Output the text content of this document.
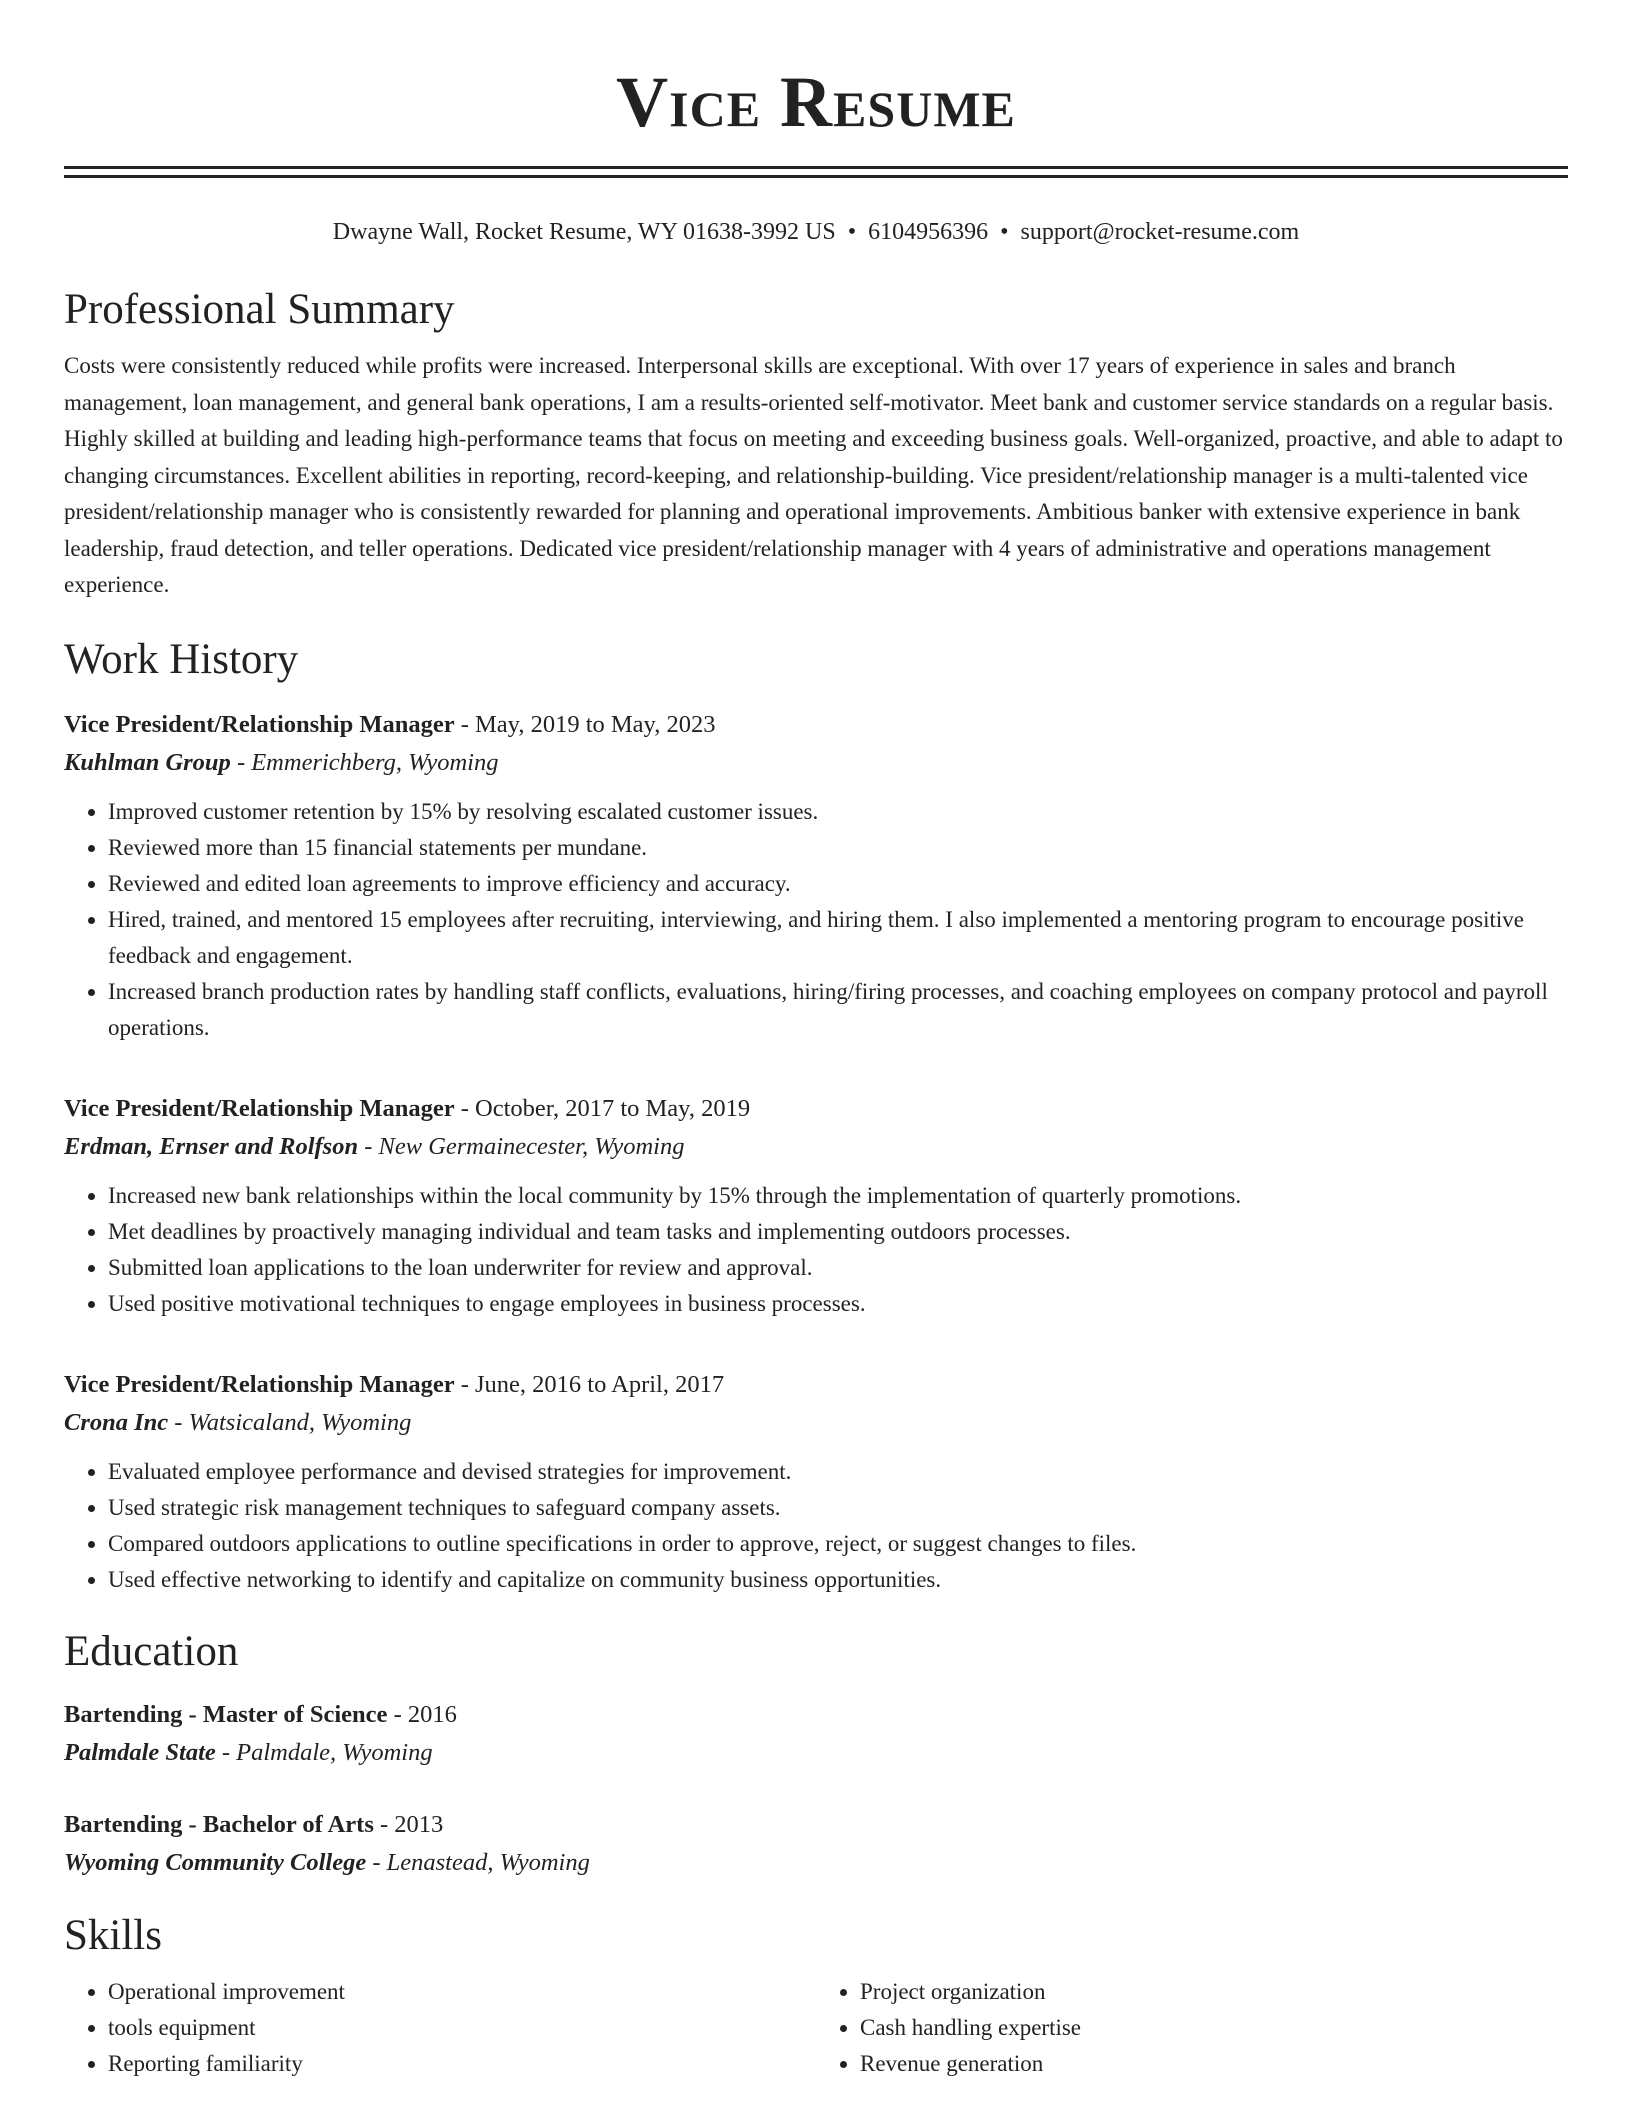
Vice Resume
Dwayne Wall, Rocket Resume, WY 01638-3992 US • 6104956396 • support@rocket-resume.com
Professional Summary

Costs were consistently reduced while profits were increased. Interpersonal skills are exceptional. With over 17 years of experience in sales and branch management, loan management, and general bank operations, I am a results-oriented self-motivator. Meet bank and customer service standards on a regular basis. Highly skilled at building and leading high-performance teams that focus on meeting and exceeding business goals. Well-organized, proactive, and able to adapt to changing circumstances. Excellent abilities in reporting, record-keeping, and relationship-building. Vice president/relationship manager is a multi-talented vice president/relationship manager who is consistently rewarded for planning and operational improvements. Ambitious banker with extensive experience in bank leadership, fraud detection, and teller operations. Dedicated vice president/relationship manager with 4 years of administrative and operations management experience.

Work History
Vice President/Relationship Manager - May, 2019 to May, 2023
Kuhlman Group - Emmerichberg, Wyoming
• Improved customer retention by 15% by resolving escalated customer issues.
• Reviewed more than 15 financial statements per mundane.
• Reviewed and edited loan agreements to improve efficiency and accuracy.
• Hired, trained, and mentored 15 employees after recruiting, interviewing, and hiring them. I also implemented a mentoring program to encourage positive feedback and engagement.
• Increased branch production rates by handling staff conflicts, evaluations, hiring/firing processes, and coaching employees on company protocol and payroll operations.
Vice President/Relationship Manager - October, 2017 to May, 2019
Erdman, Ernser and Rolfson - New Germainecester, Wyoming
• Increased new bank relationships within the local community by 15% through the implementation of quarterly promotions.
• Met deadlines by proactively managing individual and team tasks and implementing outdoors processes.
• Submitted loan applications to the loan underwriter for review and approval.
• Used positive motivational techniques to engage employees in business processes.
Vice President/Relationship Manager - June, 2016 to April, 2017
Crona Inc - Watsicaland, Wyoming
• Evaluated employee performance and devised strategies for improvement.
• Used strategic risk management techniques to safeguard company assets.
• Compared outdoors applications to outline specifications in order to approve, reject, or suggest changes to files.
• Used effective networking to identify and capitalize on community business opportunities.
Education
Bartending - Master of Science - 2016
Palmdale State - Palmdale, Wyoming
Bartending - Bachelor of Arts - 2013
Wyoming Community College - Lenastead, Wyoming
Skills
• Operational improvement
• tools equipment
• Reporting familiarity
• Project organization
• Cash handling expertise
• Revenue generation
